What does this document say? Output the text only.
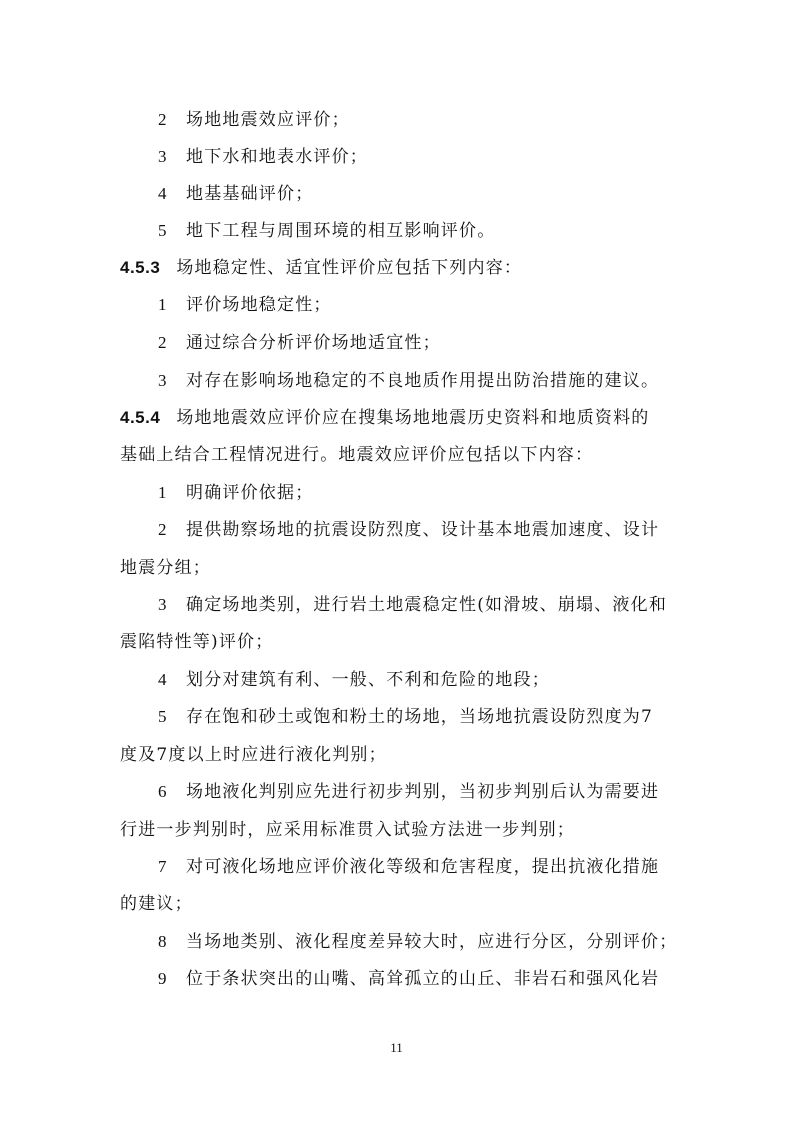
2 场地地震效应评价；
3 地下水和地表水评价；
4 地基基础评价；
5 地下工程与周围环境的相互影响评价。
4.5.3 场地稳定性、适宜性评价应包括下列内容：
1 评价场地稳定性；
2 通过综合分析评价场地适宜性；
3 对存在影响场地稳定的不良地质作用提出防治措施的建议。
4.5.4 场地地震效应评价应在搜集场地地震历史资料和地质资料的
基础上结合工程情况进行。地震效应评价应包括以下内容：
1 明确评价依据；
2 提供勘察场地的抗震设防烈度、设计基本地震加速度、设计
地震分组；
3 确定场地类别，进行岩土地震稳定性(如滑坡、崩塌、液化和
震陷特性等)评价；
4 划分对建筑有利、一般、不利和危险的地段；
5 存在饱和砂土或饱和粉土的场地，当场地抗震设防烈度为7
度及7度以上时应进行液化判别；
6 场地液化判别应先进行初步判别，当初步判别后认为需要进
行进一步判别时，应采用标准贯入试验方法进一步判别；
7 对可液化场地应评价液化等级和危害程度，提出抗液化措施
的建议；
8 当场地类别、液化程度差异较大时，应进行分区，分别评价；
9 位于条状突出的山嘴、高耸孤立的山丘、非岩石和强风化岩
11
